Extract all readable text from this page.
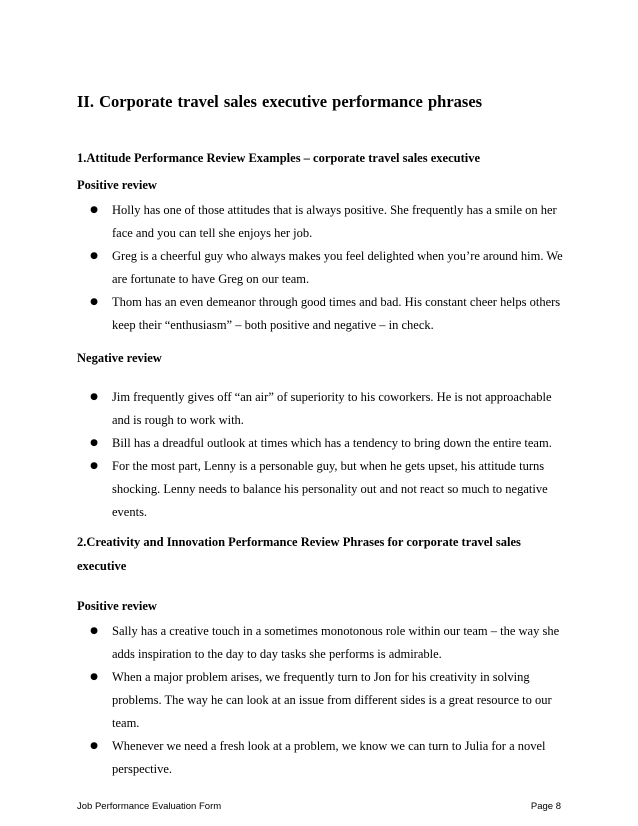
II. Corporate travel sales executive performance phrases

1.Attitude Performance Review Examples – corporate travel sales executive

Positive review

● Holly has one of those attitudes that is always positive. She frequently has a smile on her face and you can tell she enjoys her job.
● Greg is a cheerful guy who always makes you feel delighted when you’re around him. We are fortunate to have Greg on our team.
● Thom has an even demeanor through good times and bad. His constant cheer helps others keep their “enthusiasm” – both positive and negative – in check.

Negative review

● Jim frequently gives off “an air” of superiority to his coworkers. He is not approachable and is rough to work with.
● Bill has a dreadful outlook at times which has a tendency to bring down the entire team.
● For the most part, Lenny is a personable guy, but when he gets upset, his attitude turns shocking. Lenny needs to balance his personality out and not react so much to negative events.

2.Creativity and Innovation Performance Review Phrases for corporate travel sales executive

Positive review

● Sally has a creative touch in a sometimes monotonous role within our team – the way she adds inspiration to the day to day tasks she performs is admirable.
● When a major problem arises, we frequently turn to Jon for his creativity in solving problems. The way he can look at an issue from different sides is a great resource to our team.
● Whenever we need a fresh look at a problem, we know we can turn to Julia for a novel perspective.

Job Performance Evaluation Form	Page 8
